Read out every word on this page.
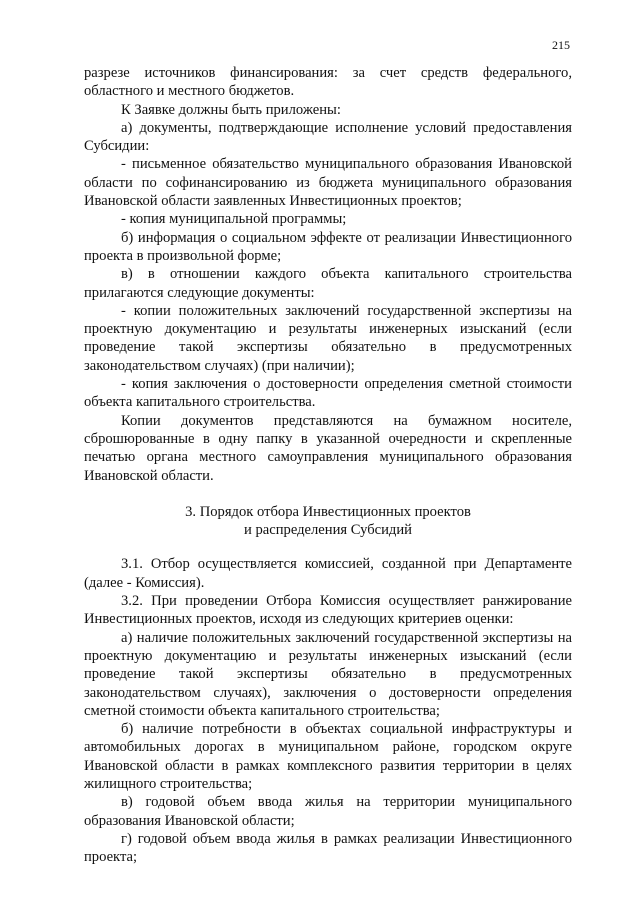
215

разрезе источников финансирования: за счет средств федерального, областного и местного бюджетов.

К Заявке должны быть приложены:

а) документы, подтверждающие исполнение условий предоставления Субсидии:

- письменное обязательство муниципального образования Ивановской области по софинансированию из бюджета муниципального образования Ивановской области заявленных Инвестиционных проектов;

- копия муниципальной программы;

б) информация о социальном эффекте от реализации Инвестиционного проекта в произвольной форме;

в) в отношении каждого объекта капитального строительства прилагаются следующие документы:

- копии положительных заключений государственной экспертизы на проектную документацию и результаты инженерных изысканий (если проведение такой экспертизы обязательно в предусмотренных законодательством случаях) (при наличии);

- копия заключения о достоверности определения сметной стоимости объекта капитального строительства.

Копии документов представляются на бумажном носителе, сброшюрованные в одну папку в указанной очередности и скрепленные печатью органа местного самоуправления муниципального образования Ивановской области.

3. Порядок отбора Инвестиционных проектов
и распределения Субсидий

3.1. Отбор осуществляется комиссией, созданной при Департаменте (далее - Комиссия).

3.2. При проведении Отбора Комиссия осуществляет ранжирование Инвестиционных проектов, исходя из следующих критериев оценки:

а) наличие положительных заключений государственной экспертизы на проектную документацию и результаты инженерных изысканий (если проведение такой экспертизы обязательно в предусмотренных законодательством случаях), заключения о достоверности определения сметной стоимости объекта капитального строительства;

б) наличие потребности в объектах социальной инфраструктуры и автомобильных дорогах в муниципальном районе, городском округе Ивановской области в рамках комплексного развития территории в целях жилищного строительства;

в) годовой объем ввода жилья на территории муниципального образования Ивановской области;

г) годовой объем ввода жилья в рамках реализации Инвестиционного проекта;
